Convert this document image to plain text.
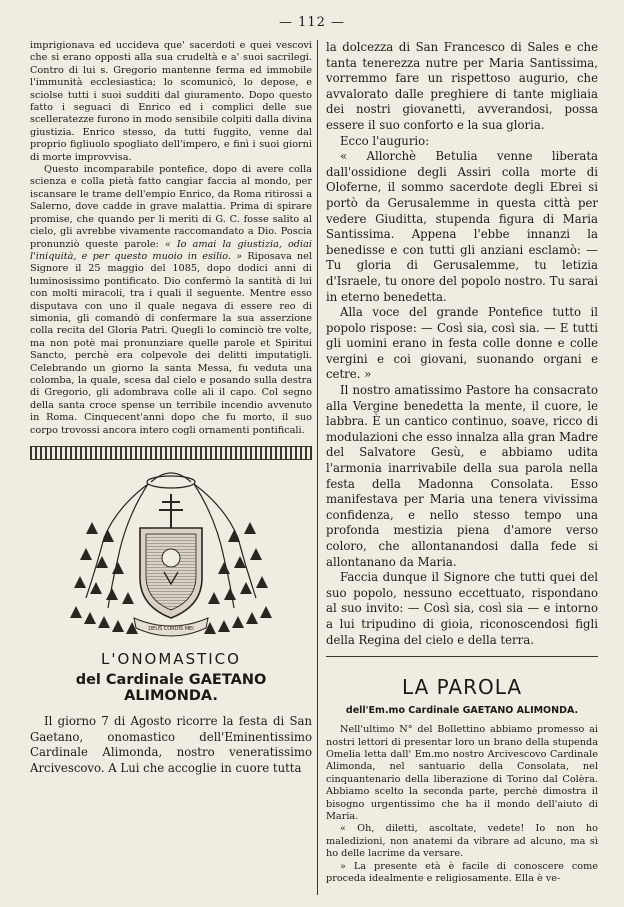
— 112 —

imprigionava ed uccideva que' sacerdoti e quei vescovi che si erano opposti alla sua crudeltà e a' suoi sacrilegi. Contro di lui s. Gregorio mantenne ferma ed immobile l'immunità ecclesiastica; lo scomunicò, lo depose, e sciolse tutti i suoi sudditi dal giuramento. Dopo questo fatto i seguaci di Enrico ed i complici delle sue scelleratezze furono in modo sensibile colpiti dalla divina giustizia. Enrico stesso, da tutti fuggito, venne dal proprio figliuolo spogliato dell'impero, e finì i suoi giorni di morte improvvisa.

Questo incomparabile pontefice, dopo di avere colla scienza e colla pietà fatto cangiar faccia al mondo, per iscansare le trame dell'empio Enrico, da Roma ritirossi a Salerno, dove cadde in grave malattia. Prima di spirare promise, che quando per li meriti di G. C. fosse salito al cielo, gli avrebbe vivamente raccomandato a Dio. Poscia pronunziò queste parole: « Io amai la giustizia, odiai l'iniquità, e per questo muoio in esilio. » Riposava nel Signore il 25 maggio del 1085, dopo dodici anni di luminosissimo pontificato. Dio confermò la santità di lui con molti miracoli, tra i quali il seguente. Mentre esso disputava con uno il quale negava di essere reo di simonia, gli comandò di confermare la sua asserzione colla recita del Gloria Patri. Quegli lo cominciò tre volte, ma non potè mai pronunziare quelle parole et Spiritui Sancto, perchè era colpevole dei delitti imputatigli. Celebrando un giorno la santa Messa, fu veduta una colomba, la quale, scesa dal cielo e posando sulla destra di Gregorio, gli adombrava colle ali il capo. Col segno della santa croce spense un terribile incendio avvenuto in Roma. Cinquecent'anni dopo che fu morto, il suo corpo trovossi ancora intero cogli ornamenti pontificali.

DEUS CORDIS MEI
L'ONOMASTICO
del Cardinale GAETANO ALIMONDA.

Il giorno 7 di Agosto ricorre la festa di San Gaetano, onomastico dell'Eminentissimo Cardinale Alimonda, nostro veneratissimo Arcivescovo. A Lui che accoglie in cuore tutta

la dolcezza di San Francesco di Sales e che tanta tenerezza nutre per Maria Santissima, vorremmo fare un rispettoso augurio, che avvalorato dalle preghiere di tante migliaia dei nostri giovanetti, avverandosi, possa essere il suo conforto e la sua gloria.

Ecco l'augurio:

« Allorchè Betulia venne liberata dall'ossidione degli Assiri colla morte di Oloferne, il sommo sacerdote degli Ebrei si portò da Gerusalemme in questa città per vedere Giuditta, stupenda figura di Maria Santissima. Appena l'ebbe innanzi la benedisse e con tutti gli anziani esclamò: — Tu gloria di Gerusalemme, tu letizia d'Israele, tu onore del popolo nostro. Tu sarai in eterno benedetta.

Alla voce del grande Pontefice tutto il popolo rispose: — Così sia, così sia. — E tutti gli uomini erano in festa colle donne e colle vergini e coi giovani, suonando organi e cetre. »

Il nostro amatissimo Pastore ha consacrato alla Vergine benedetta la mente, il cuore, le labbra. È un cantico continuo, soave, ricco di modulazioni che esso innalza alla gran Madre del Salvatore Gesù, e abbiamo udita l'armonia inarrivabile della sua parola nella festa della Madonna Consolata. Esso manifestava per Maria una tenera vivissima confidenza, e nello stesso tempo una profonda mestizia piena d'amore verso coloro, che allontanandosi dalla fede si allontanano da Maria.

Faccia dunque il Signore che tutti quei del suo popolo, nessuno eccettuato, rispondano al suo invito: — Così sia, così sia — e intorno a lui tripudino di gioia, riconoscendosi figli della Regina del cielo e della terra.

LA PAROLA
dell'Em.mo Cardinale GAETANO ALIMONDA.

Nell'ultimo N° del Bollettino abbiamo promesso ai nostri lettori di presentar loro un brano della stupenda Omelia letta dall' Em.mo nostro Arcivescovo Cardinale Alimonda, nel santuario della Consolata, nel cinquantenario della liberazione di Torino dal Colèra. Abbiamo scelto la seconda parte, perchè dimostra il bisogno urgentissimo che ha il mondo dell'aiuto di Maria.

« Oh, diletti, ascoltate, vedete! Io non ho maledizioni, non anatemi da vibrare ad alcuno, ma sì ho delle lacrime da versare.

» La presente età è facile di conoscere come proceda idealmente e religiosamente. Ella è ve-
